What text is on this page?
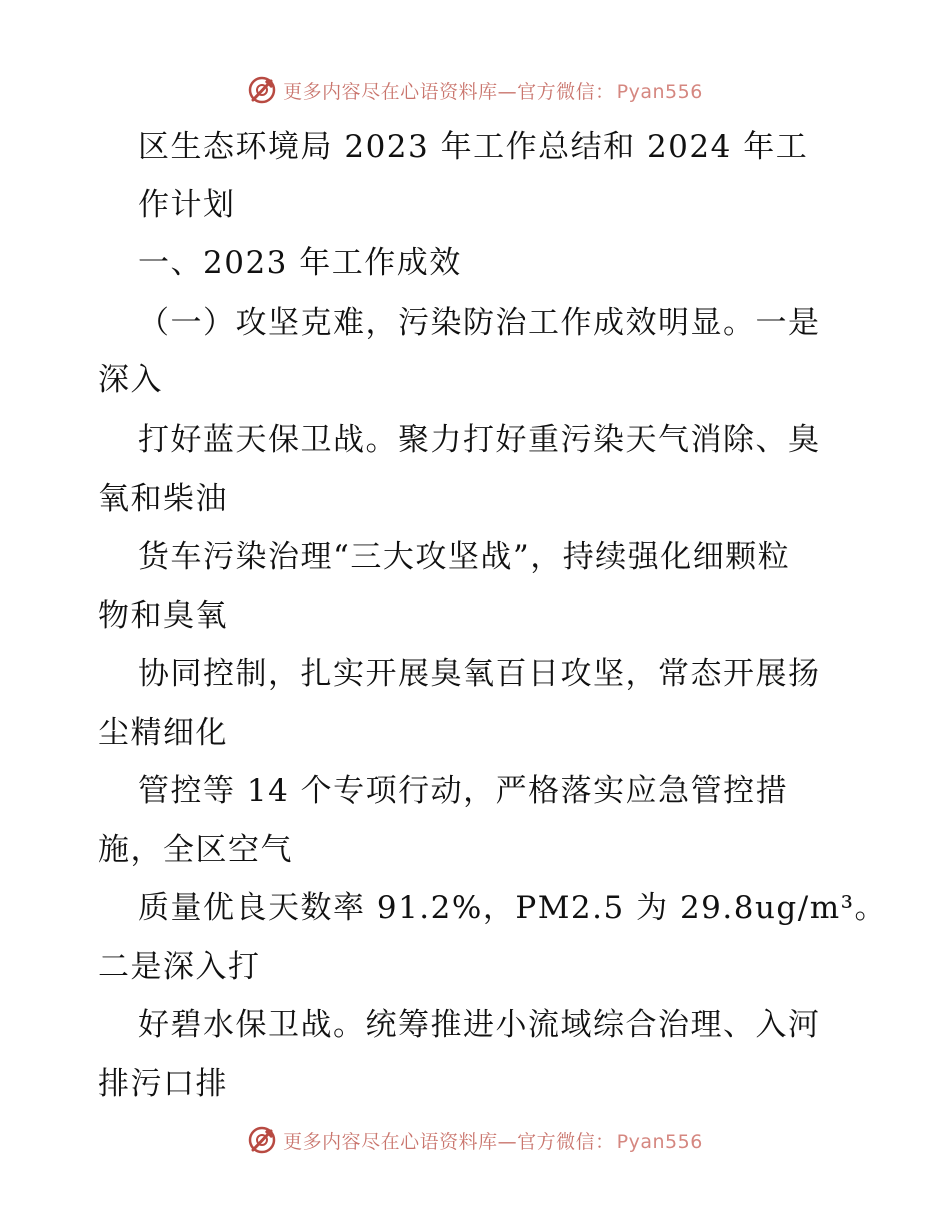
更多内容尽在心语资料库—官方微信： Pyan556
区生态环境局 2023 年工作总结和 2024 年工
作计划
一、2023 年工作成效
（一）攻坚克难，污染防治工作成效明显。一是
深入
打好蓝天保卫战。聚力打好重污染天气消除、臭
氧和柴油
货车污染治理“三大攻坚战”，持续强化细颗粒
物和臭氧
协同控制，扎实开展臭氧百日攻坚，常态开展扬
尘精细化
管控等 14 个专项行动，严格落实应急管控措
施，全区空气
质量优良天数率 91.2%，PM2.5 为 29.8ug/m³。
二是深入打
好碧水保卫战。统筹推进小流域综合治理、入河
排污口排
更多内容尽在心语资料库—官方微信： Pyan556
